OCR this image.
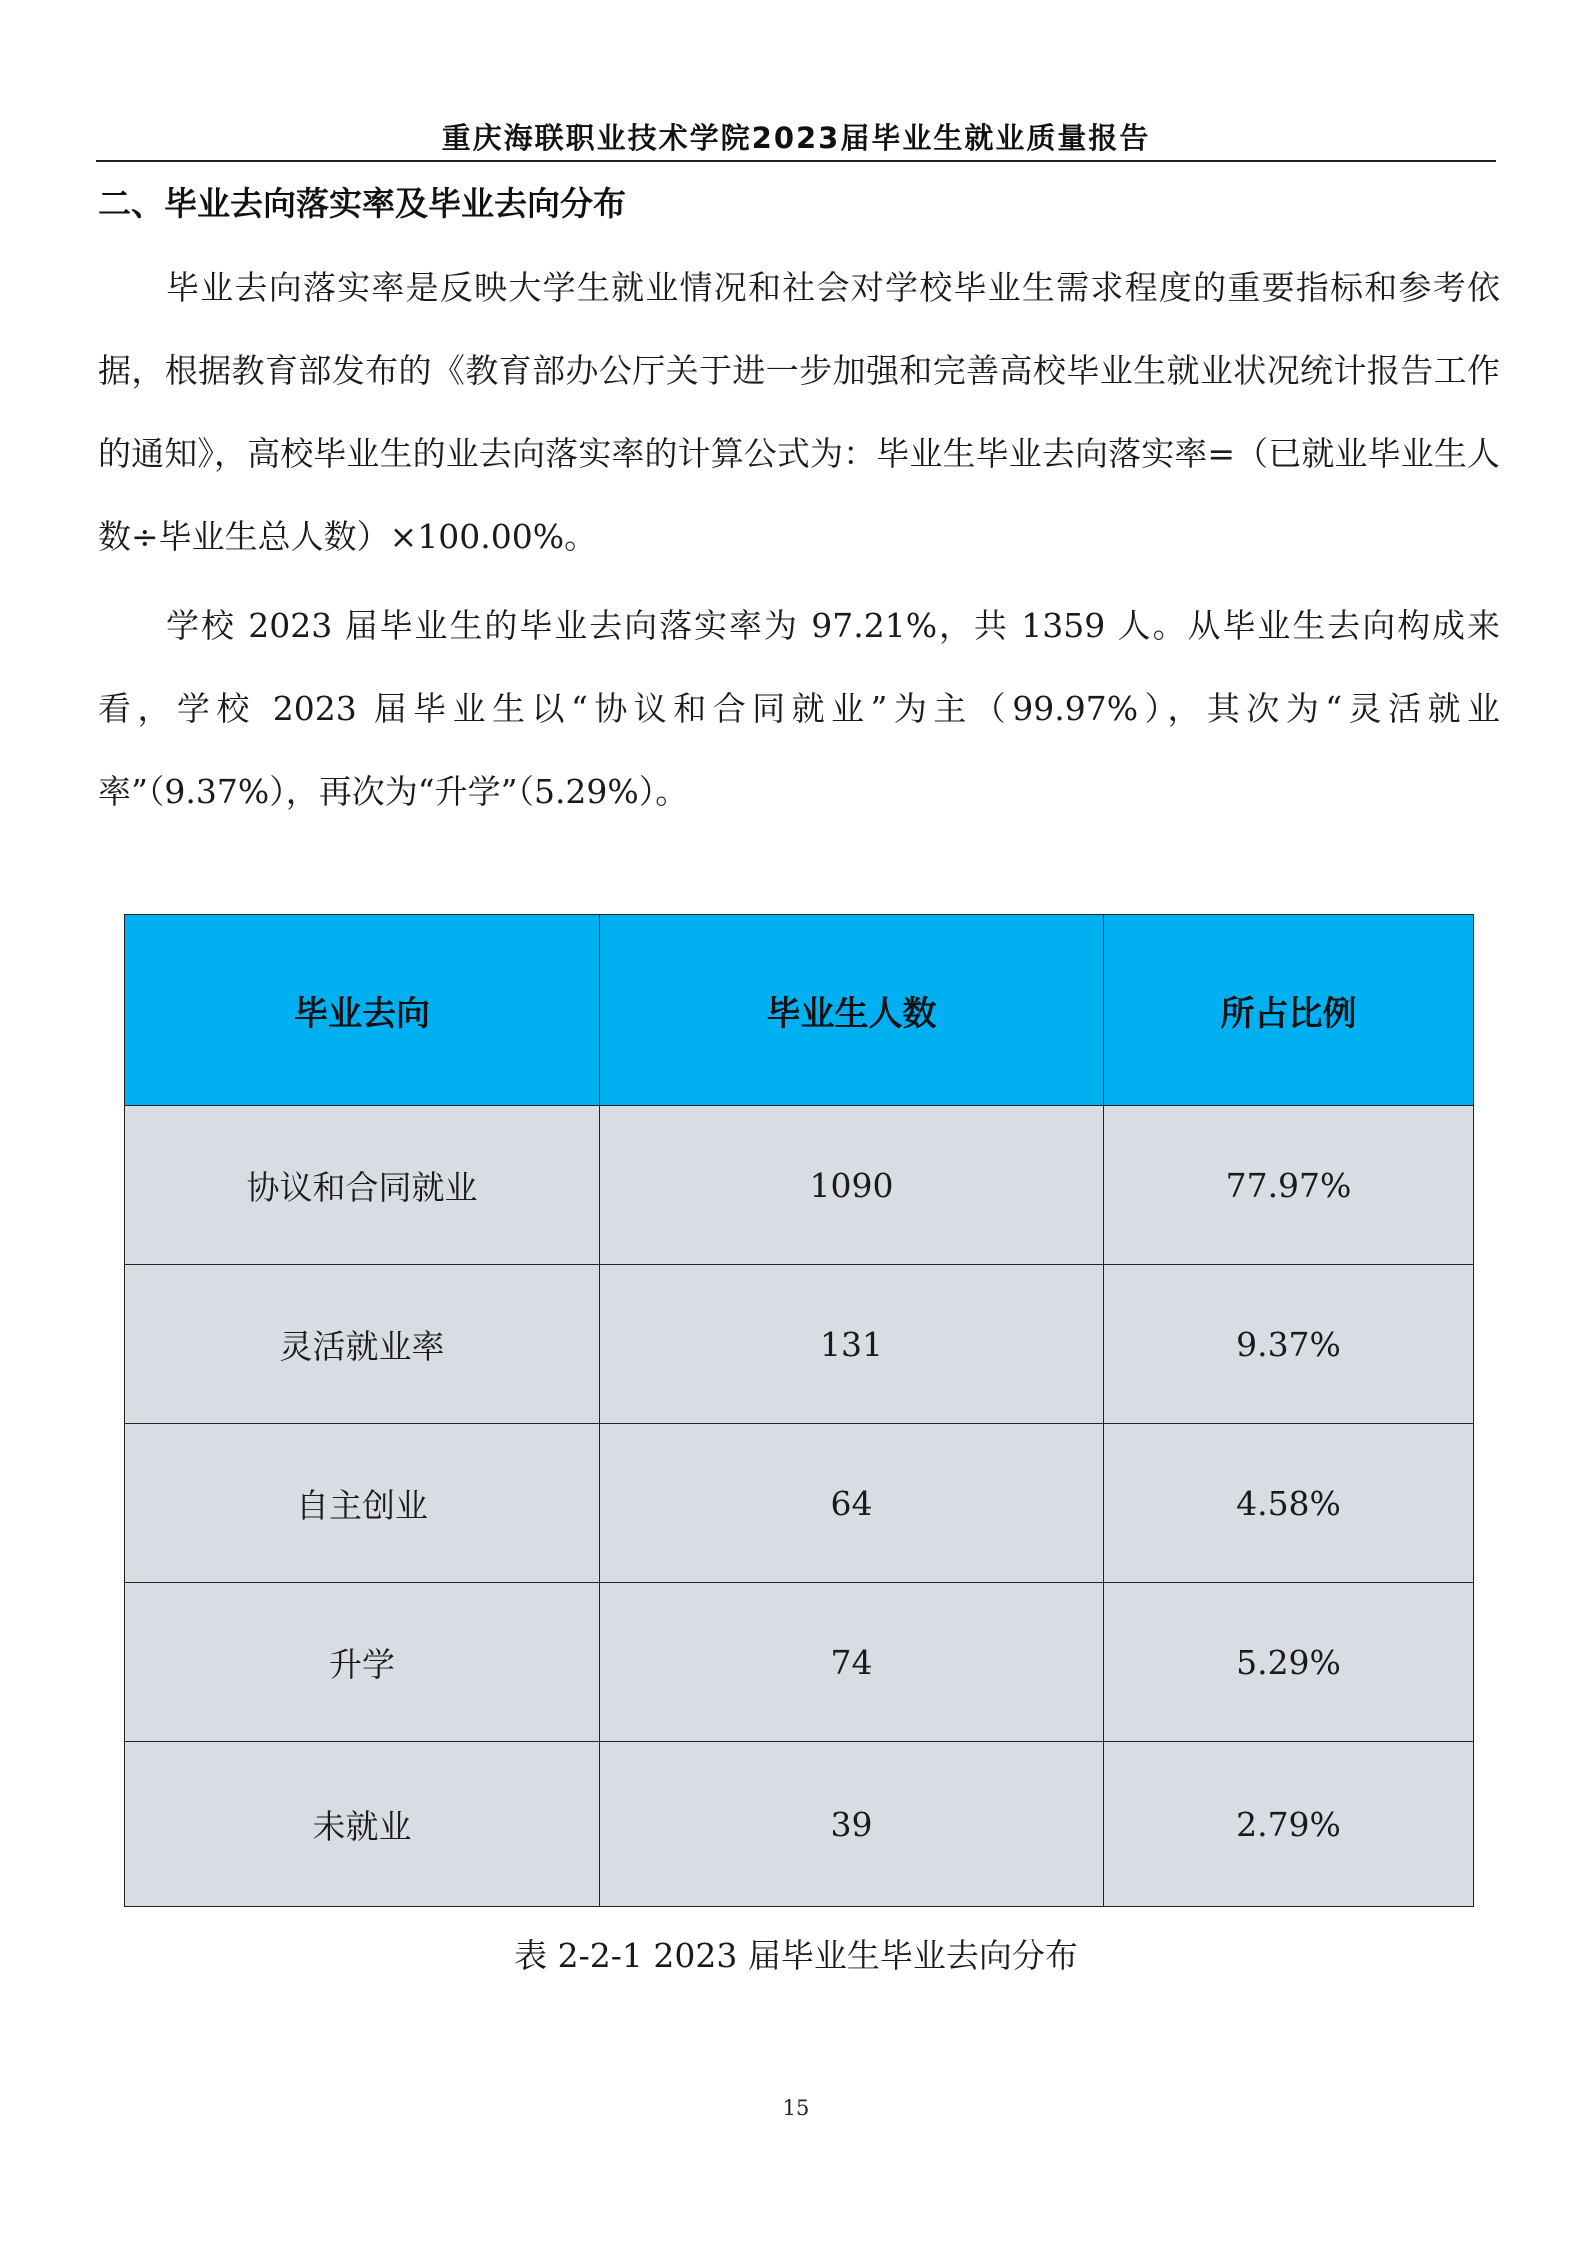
重庆海联职业技术学院2023届毕业生就业质量报告
二、毕业去向落实率及毕业去向分布

毕业去向落实率是反映大学生就业情况和社会对学校毕业生需求程度的重要指标和参考依据，根据教育部发布的《教育部办公厅关于进一步加强和完善高校毕业生就业状况统计报告工作的通知》，高校毕业生的业去向落实率的计算公式为：毕业生毕业去向落实率=（已就业毕业生人数÷毕业生总人数）×100.00%。

学校 2023 届毕业生的毕业去向落实率为 97.21%，共 1359 人。从毕业生去向构成来看，学校 2023 届毕业生以“协议和合同就业”为主（99.97%），其次为“灵活就业率”（9.37%），再次为“升学”（5.29%）。

毕业去向	毕业生人数	所占比例
协议和合同就业	1090	77.97%
灵活就业率	131	9.37%
自主创业	64	4.58%
升学	74	5.29%
未就业	39	2.79%
表 2-2-1 2023 届毕业生毕业去向分布
15
